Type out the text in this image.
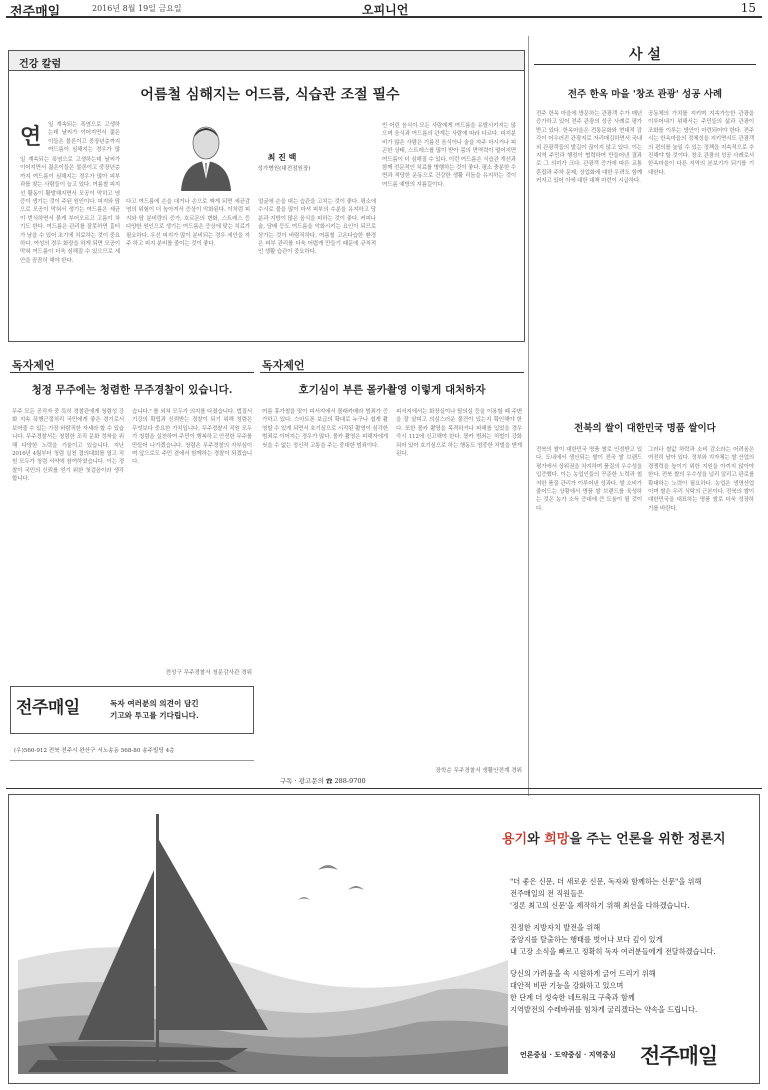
전주매일	2016년 8월 19일 금요일	오피니언	15
건강 칼럼
어름철 심해지는 어드름, 식습관 조절 필수
연	일 계속되는 폭염으로 고생하는데 날씨가 이어지면서 젊은이들은 물론이고 중장년층까지 여드름이 심해지는 경우가 많
일 계속되는 폭염으로 고생하는데 날씨가 이어지면서 젊은이들은 물론이고 중장년층까지 여드름이 심해지는 경우가 많아 피부과를 찾는 사람들이 늘고 있다. 여름철 피지선 활동이 활발해지면서 모공이 막히고 염증이 생기는 것이 주된 원인이다. 피지와 땀으로 모공이 막혀서 생기는 여드름은 세균이 번식하면서 붉게 부어오르고 고름이 차기도 한다. 여드름은 관리를 잘못하면 흉터가 남을 수 있어 초기에 치료하는 것이 중요하다. 여성의 경우 화장을 하게 되면 모공이 막혀 여드름이 더욱 심해질 수 있으므로 세안을 꼼꼼히 해야 한다.
최 진 백
성가병원(대전점원장)
다고 여드름에 손을 대거나 손으로 짜게 되면 세균감염의 위험이 더 높아져서 증상이 악화된다. 이처럼 피지와 땀 분비량의 증가, 호르몬의 변화, 스트레스 등 다양한 원인으로 생기는 여드름은 증상에 맞는 치료가 필요하다. 우선 피지가 많이 분비되는 경우 세안을 자주 하고 피지 분비를 줄이는 것이 좋다.
얼굴에 손을 대는 습관을 고치는 것이 좋다. 평소에 수시로 물을 많이 마셔 피부의 수분을 유지하고 당분과 지방이 많은 음식을 피하는 것이 좋다. 커피나 술, 담배 등도 여드름을 악화시키는 요인이 되므로 삼가는 것이 바람직하다. 여름철 고온다습한 환경은 피부 관리를 더욱 어렵게 만들기 때문에 규칙적인 생활 습관이 중요하다.
빈 어린 음식이 모든 사람에게 여드름을 유발시키지는 않으며 음식과 여드름의 관계는 사람에 따라 다르다. 피지분비가 많은 사람은 기름진 음식이나 술을 자주 마시거나 피곤한 상태, 스트레스를 많이 받아 몸의 면역력이 떨어지면 여드름이 더 심해질 수 있다. 이런 여드름은 식습관 개선과 함께 전문적인 치료를 병행하는 것이 좋다. 평소 충분한 수면과 적당한 운동으로 건강한 생활 리듬을 유지하는 것이 여드름 예방의 지름길이다.
사 설
전주 한옥 마을 '창조 관광' 성공 사례
전주 한옥 마을에 방문하는 관광객 수가 매년 증가하고 있어 전주 관광의 성공 사례로 평가받고 있다. 한옥마을은 전통문화와 현대적 감각이 어우러진 관광지로 자리매김하면서 국내외 관광객들의 발길이 끊이지 않고 있다. 이는 지역 주민과 행정이 협력하여 만들어낸 결과로 그 의미가 크다. 관광객 증가에 따른 교통 혼잡과 주차 문제, 상업화에 대한 우려도 함께 커지고 있어 이에 대한 대책 마련이 시급하다.
공동체의 가치를 지키며 지속가능한 관광을 이루어내기 위해서는 주민들의 삶과 관광이 조화를 이루는 방안이 마련되어야 한다. 전주시는 한옥마을의 정체성을 지키면서도 관광객의 편의를 높일 수 있는 정책을 지속적으로 추진해야 할 것이다. 창조 관광의 성공 사례로서 한옥마을이 다른 지역의 본보기가 되기를 기대한다.
전북의 쌀이 대한민국 명품 쌀이다
전북의 쌀이 대한민국 명품 쌀로 인정받고 있다. 도내에서 생산되는 쌀이 전국 쌀 브랜드 평가에서 상위권을 차지하며 품질의 우수성을 입증했다. 이는 농업인들의 꾸준한 노력과 철저한 품질 관리가 이루어낸 성과다. 쌀 소비가 줄어드는 상황에서 명품 쌀 브랜드를 육성하는 것은 농가 소득 증대에 큰 도움이 될 것이다.
그러나 쌀값 하락과 소비 감소라는 어려움은 여전히 남아 있다. 정부와 지자체는 쌀 산업의 경쟁력을 높이기 위한 지원을 아끼지 않아야 한다. 전북 쌀의 우수성을 널리 알리고 판로를 확대하는 노력이 필요하다. 농업은 생명산업이며 쌀은 우리 식탁의 근본이다. 전북의 쌀이 대한민국을 대표하는 명품 쌀로 더욱 성장하기를 바란다.
독자제언
청정 무주에는 청렴한 무주경찰이 있습니다.
무주 모든 공직자 중 특히 경찰관에게 청렴성 강화 지속 폭행근절처리 국민에게 좋은 경기로서 보여줄 수 있는 가장 바람직한 자세라 할 수 있습니다. 무주경찰서는 청렴한 조직 문화 정착을 위해 다양한 노력을 기울이고 있습니다. 지난 2016년 4월부터 청렴 실천 결의대회를 열고 직원 모두가 청렴 서약에 참여하였습니다. 이는 경찰이 국민의 신뢰를 얻기 위한 첫걸음이라 생각합니다.
습니다." 를 외쳐 모두가 의지를 다졌습니다. 법질서 기강의 확립과 신뢰받는 경찰이 되기 위해 청렴은 무엇보다 중요한 가치입니다. 무주경찰서 직원 모두가 청렴을 실천하여 주민이 행복하고 안전한 무주를 만들어 나가겠습니다. 청렴은 무주경찰의 자부심이며 앞으로도 주민 곁에서 함께하는 경찰이 되겠습니다.
전성구 무주경찰서 청문감사관 경위
독자제언
호기심이 부른 몰카촬영 이렇게 대처하자
여름 휴가철을 맞아 피서지에서 몰래카메라 범죄가 증가하고 있다. 스마트폰 보급의 확대로 누구나 쉽게 촬영할 수 있게 되면서 호기심으로 시작된 촬영이 심각한 범죄로 이어지는 경우가 많다. 몰카 촬영은 피해자에게 씻을 수 없는 정신적 고통을 주는 중대한 범죄이다.
피서지에서는 화장실이나 탈의실 등을 이용할 때 주변을 잘 살피고 의심스러운 물건이 있는지 확인해야 한다. 또한 몰카 촬영을 목격하거나 피해를 입었을 경우 즉시 112에 신고해야 한다. 몰카 범죄는 처벌이 강화되어 있어 호기심으로 하는 행동도 엄중한 처벌을 받게 된다.
장학순 무주경찰서 생활안전계 경위
전주매일	독자 여러분의 의견이 담긴
기고와 투고를 기다립니다.
(우)560-912 전북 전주시 완산구 서노송동 568-80 송주빌딩 4층
구독 · 광고문의 ☎ 288-9700
용기와 희망을 주는 언론을 위한 정론지
"더 좋은 신문, 더 새로운 신문, 독자와 함께하는 신문"을 위해
전주매일의 전 직원들은
'정론 최고의 신문'을 제작하기 위해 최선을 다하겠습니다.
진정한 지방자치 발전을 위해
중앙지를 탈출하는 행태를 벗어나 보다 깊이 있게
내 고장 소식을 빠르고 정확히 독자 여러분들에게 전달하겠습니다.
당신의 가려움을 속 시원하게 긁어 드리기 위해
대안적 비판 기능을 강화하고 있으며
한 단계 더 성숙한 네트워크 구축과 함께
지역발전의 수레바퀴를 힘차게 굴리겠다는 약속을 드립니다.
언론중심 · 도약중심 · 지역중심 전주매일
